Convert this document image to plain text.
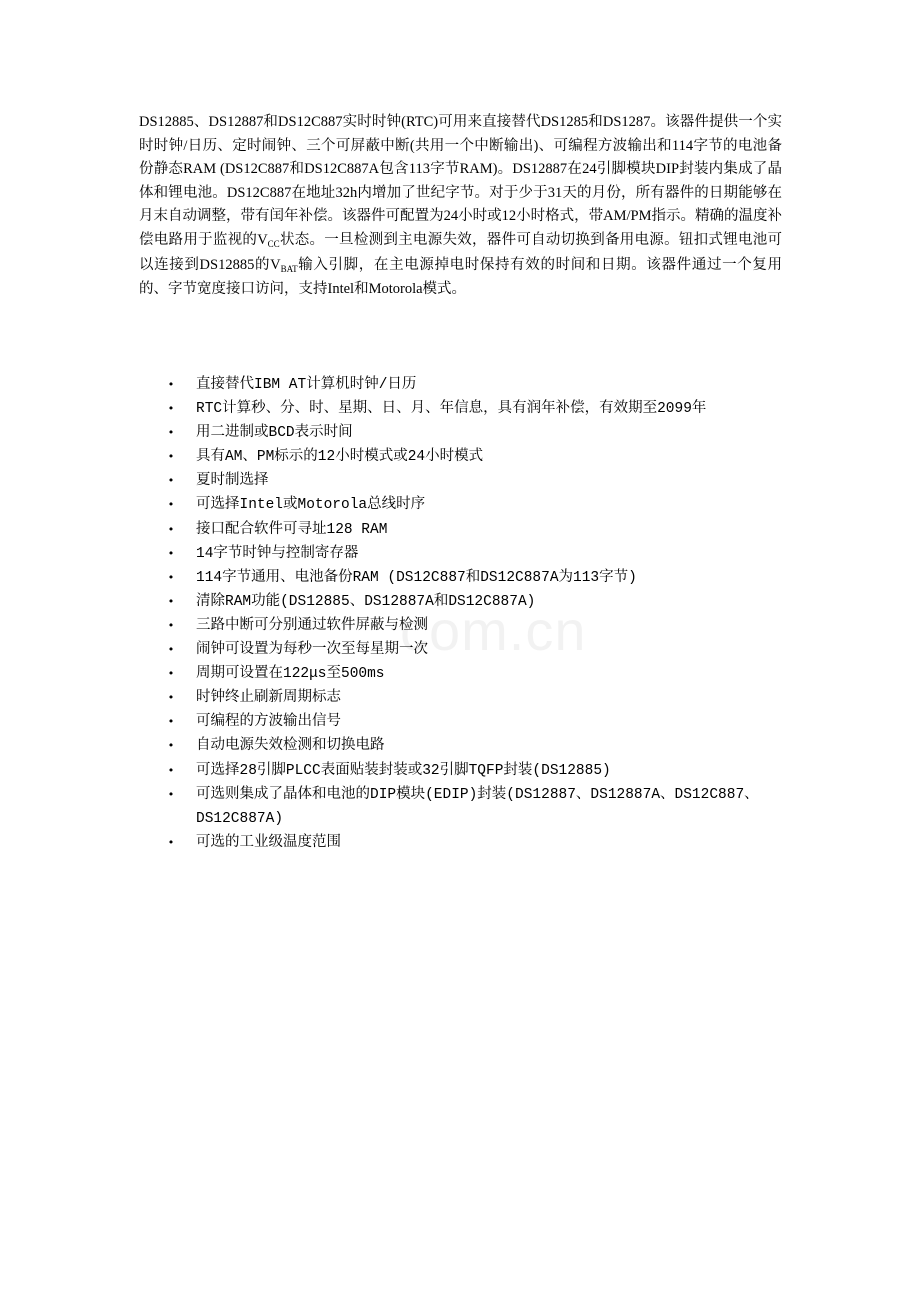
DS12885、DS12887和DS12C887实时时钟(RTC)可用来直接替代DS1285和DS1287。该器件提供一个实时时钟/日历、定时闹钟、三个可屏蔽中断(共用一个中断输出)、可编程方波输出和114字节的电池备份静态RAM (DS12C887和DS12C887A包含113字节RAM)。DS12887在24引脚模块DIP封装内集成了晶体和锂电池。DS12C887在地址32h内增加了世纪字节。对于少于31天的月份，所有器件的日期能够在月末自动调整，带有闰年补偿。该器件可配置为24小时或12小时格式，带AM/PM指示。精确的温度补偿电路用于监视的$V_{CC}$状态。一旦检测到主电源失效，器件可自动切换到备用电源。钮扣式锂电池可以连接到DS12885的$V_{BAT}$输入引脚，在主电源掉电时保持有效的时间和日期。该器件通过一个复用的、字节宽度接口访问，支持Intel和Motorola模式。

• 直接替代IBM AT计算机时钟/日历
• RTC计算秒、分、时、星期、日、月、年信息，具有润年补偿，有效期至2099年
• 用二进制或BCD表示时间
• 具有AM、PM标示的12小时模式或24小时模式
• 夏时制选择
• 可选择Intel或Motorola总线时序
• 接口配合软件可寻址128 RAM
• 14字节时钟与控制寄存器
• 114字节通用、电池备份RAM (DS12C887和DS12C887A为113字节)
• 清除RAM功能(DS12885、DS12887A和DS12C887A)
• 三路中断可分别通过软件屏蔽与检测
• 闹钟可设置为每秒一次至每星期一次
• 周期可设置在122μs至500ms
• 时钟终止刷新周期标志
• 可编程的方波输出信号
• 自动电源失效检测和切换电路
• 可选择28引脚PLCC表面贴装封装或32引脚TQFP封装(DS12885)
• 可选则集成了晶体和电池的DIP模块(EDIP)封装(DS12887、DS12887A、DS12C887、DS12C887A)
• 可选的工业级温度范围
com.cn
